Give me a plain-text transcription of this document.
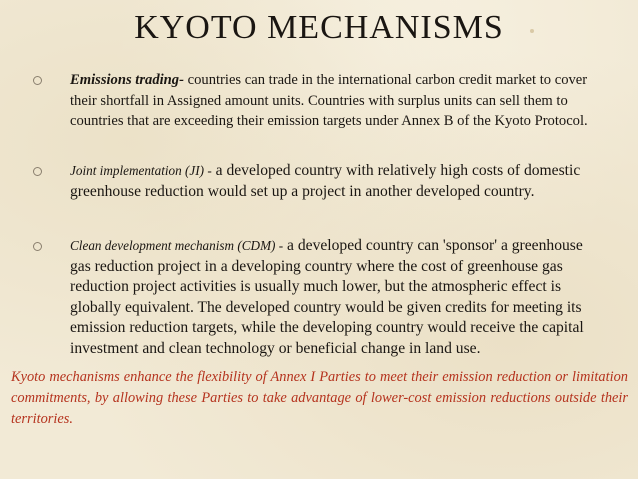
KYOTO MECHANISMS
Emissions trading- countries can trade in the international carbon credit market to cover their shortfall in Assigned amount units. Countries with surplus units can sell them to countries that are exceeding their emission targets under Annex B of the Kyoto Protocol.
Joint implementation (JI) - a developed country with relatively high costs of domestic greenhouse reduction would set up a project in another developed country.
Clean development mechanism (CDM) - a developed country can 'sponsor' a greenhouse gas reduction project in a developing country where the cost of greenhouse gas reduction project activities is usually much lower, but the atmospheric effect is globally equivalent. The developed country would be given credits for meeting its emission reduction targets, while the developing country would receive the capital investment and clean technology or beneficial change in land use.
Kyoto mechanisms enhance the flexibility of Annex I Parties to meet their emission reduction or limitation commitments, by allowing these Parties to take advantage of lower-cost emission reductions outside their territories.
